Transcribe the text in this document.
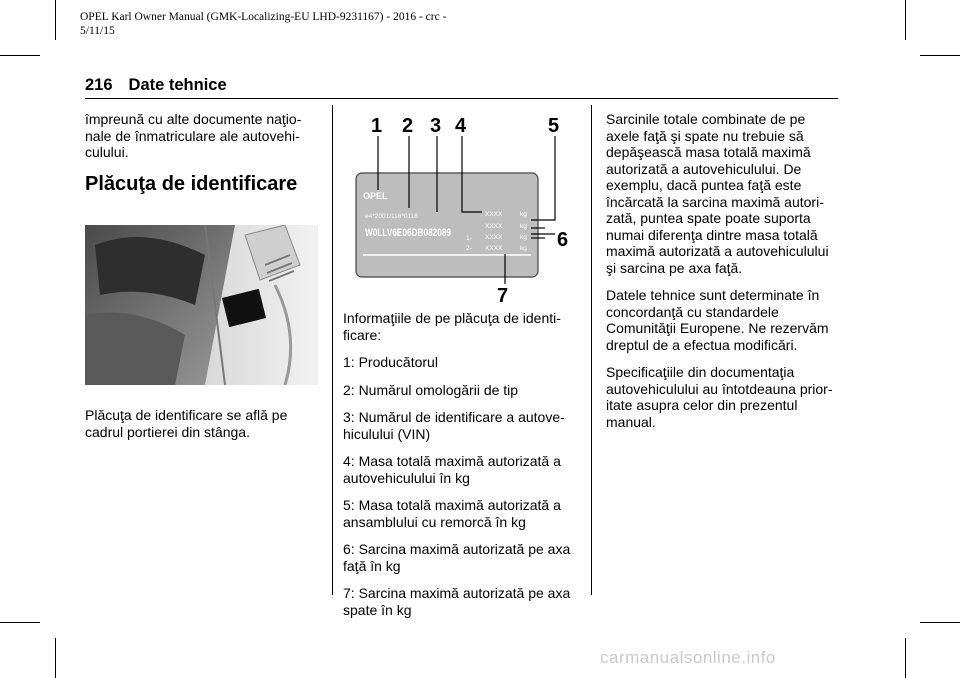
OPEL Karl Owner Manual (GMK-Localizing-EU LHD-9231167) - 2016 - crc -
5/11/15
216 Date tehnice

împreună cu alte documente naţio-nale de înmatriculare ale autovehi-culului.

Plăcuţa de identificare

Plăcuţa de identificare se află pe cadrul portierei din stânga.

OPEL
e4*2001/116*0118
W0LLV6E06DB082089
XXXX	kg
XXXX	kg
1- XXXX	kg
2- XXXX	kg
1 2 3 4	5
6
7

Informaţiile de pe plăcuţa de identi-ficare:

1: Producătorul

2: Numărul omologării de tip

3: Numărul de identificare a autove-hiculului (VIN)

4: Masa totală maximă autorizată a autovehiculului în kg

5: Masa totală maximă autorizată a ansamblului cu remorcă în kg

6: Sarcina maximă autorizată pe axa faţă în kg

7: Sarcina maximă autorizată pe axa spate în kg

Sarcinile totale combinate de pe axele faţă şi spate nu trebuie să depăşească masa totală maximă autorizată a autovehiculului. De exemplu, dacă puntea faţă este încărcată la sarcina maximă autori-zată, puntea spate poate suporta numai diferenţa dintre masa totală maximă autorizată a autovehiculului şi sarcina pe axa faţă.

Datele tehnice sunt determinate în concordanţă cu standardele Comunităţii Europene. Ne rezervăm dreptul de a efectua modificări.

Specificaţiile din documentaţia autovehiculului au întotdeauna prior-itate asupra celor din prezentul manual.

carmanualsonline.info
